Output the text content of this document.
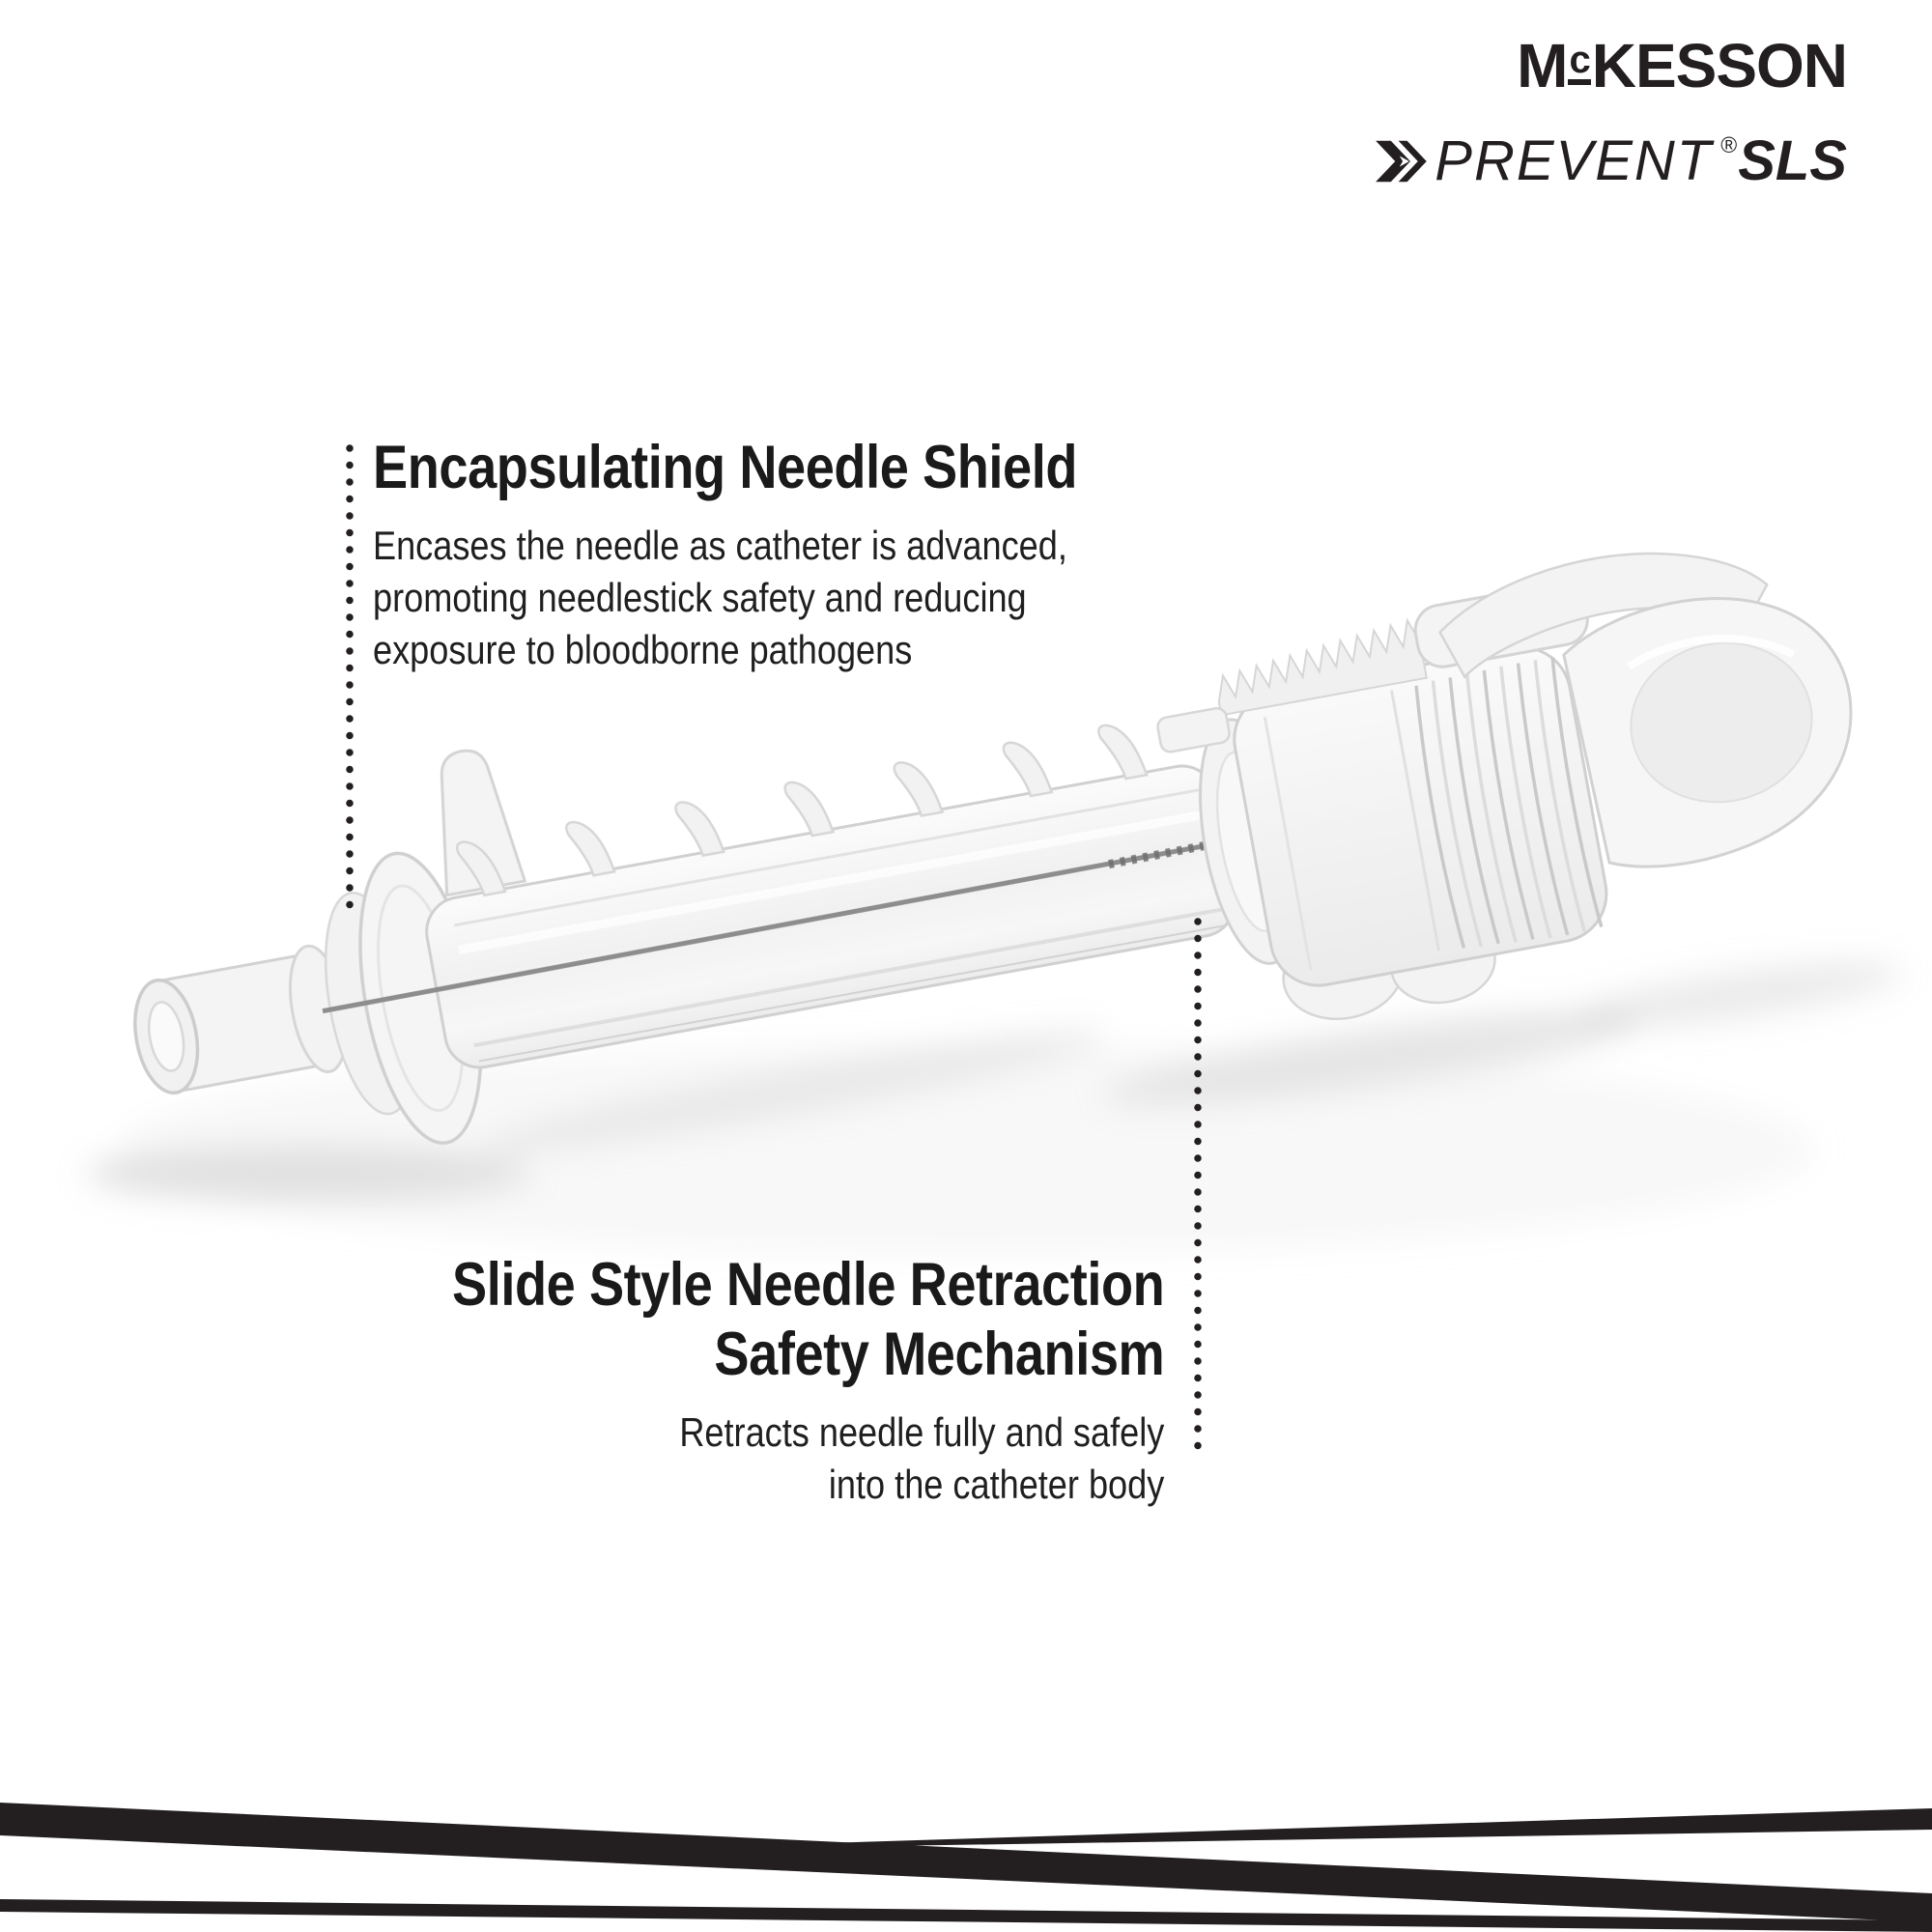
McKESSON
PREVENT ® SLS
Encapsulating Needle Shield
Encases the needle as catheter is advanced,
promoting needlestick safety and reducing
exposure to bloodborne pathogens
Slide Style Needle Retraction
Safety Mechanism
Retracts needle fully and safely
into the catheter body
